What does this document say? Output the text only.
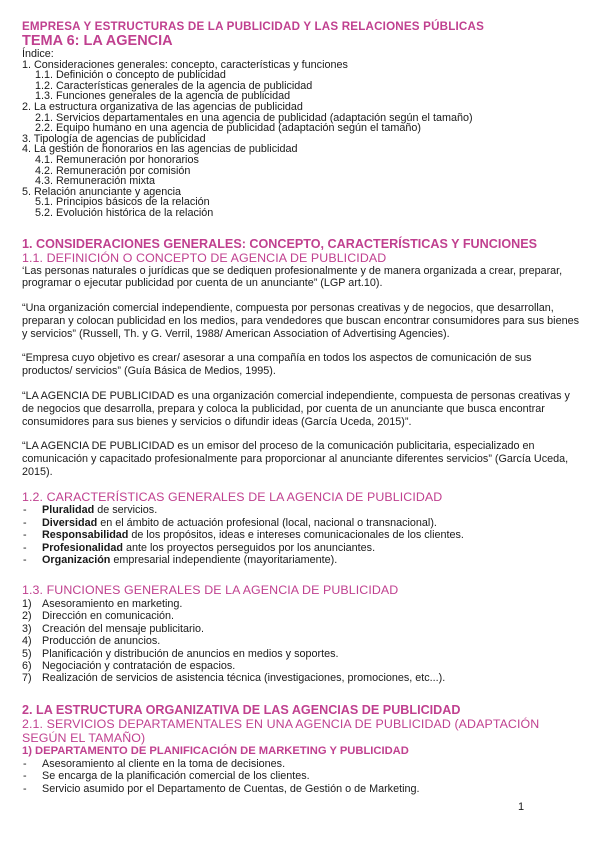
EMPRESA Y ESTRUCTURAS DE LA PUBLICIDAD Y LAS RELACIONES PÚBLICAS
TEMA 6: LA AGENCIA
Índice:
1. Consideraciones generales: concepto, características y funciones
1.1. Definición o concepto de publicidad
1.2. Características generales de la agencia de publicidad
1.3. Funciones generales de la agencia de publicidad
2. La estructura organizativa de las agencias de publicidad
2.1. Servicios departamentales en una agencia de publicidad (adaptación según el tamaño)
2.2. Equipo humano en una agencia de publicidad (adaptación según el tamaño)
3. Tipología de agencias de publicidad
4. La gestión de honorarios en las agencias de publicidad
4.1. Remuneración por honorarios
4.2. Remuneración por comisión
4.3. Remuneración mixta
5. Relación anunciante y agencia
5.1. Principios básicos de la relación
5.2. Evolución histórica de la relación
1. CONSIDERACIONES GENERALES: CONCEPTO, CARACTERÍSTICAS Y FUNCIONES
1.1. DEFINICIÓN O CONCEPTO DE AGENCIA DE PUBLICIDAD
‘Las personas naturales o jurídicas que se dediquen profesionalmente y de manera organizada a crear, preparar, programar o ejecutar publicidad por cuenta de un anunciante” (LGP art.10).
“Una organización comercial independiente, compuesta por personas creativas y de negocios, que desarrollan, preparan y colocan publicidad en los medios, para vendedores que buscan encontrar consumidores para sus bienes y servicios” (Russell, Th. y G. Verril, 1988/ American Association of Advertising Agencies).
“Empresa cuyo objetivo es crear/ asesorar a una compañía en todos los aspectos de comunicación de sus productos/ servicios” (Guía Básica de Medios, 1995).
“LA AGENCIA DE PUBLICIDAD es una organización comercial independiente, compuesta de personas creativas y de negocios que desarrolla, prepara y coloca la publicidad, por cuenta de un anunciante que busca encontrar consumidores para sus bienes y servicios o difundir ideas (García Uceda, 2015)”.
“LA AGENCIA DE PUBLICIDAD es un emisor del proceso de la comunicación publicitaria, especializado en comunicación y capacitado profesionalmente para proporcionar al anunciante diferentes servicios” (García Uceda, 2015).
1.2. CARACTERÍSTICAS GENERALES DE LA AGENCIA DE PUBLICIDAD
- Pluralidad de servicios.
- Diversidad en el ámbito de actuación profesional (local, nacional o transnacional).
- Responsabilidad de los propósitos, ideas e intereses comunicacionales de los clientes.
- Profesionalidad ante los proyectos perseguidos por los anunciantes.
- Organización empresarial independiente (mayoritariamente).
1.3. FUNCIONES GENERALES DE LA AGENCIA DE PUBLICIDAD
1) Asesoramiento en marketing.
2) Dirección en comunicación.
3) Creación del mensaje publicitario.
4) Producción de anuncios.
5) Planificación y distribución de anuncios en medios y soportes.
6) Negociación y contratación de espacios.
7) Realización de servicios de asistencia técnica (investigaciones, promociones, etc...).
2. LA ESTRUCTURA ORGANIZATIVA DE LAS AGENCIAS DE PUBLICIDAD
2.1. SERVICIOS DEPARTAMENTALES EN UNA AGENCIA DE PUBLICIDAD (ADAPTACIÓN SEGÚN EL TAMAÑO)
1) DEPARTAMENTO DE PLANIFICACIÓN DE MARKETING Y PUBLICIDAD
- Asesoramiento al cliente en la toma de decisiones.
- Se encarga de la planificación comercial de los clientes.
- Servicio asumido por el Departamento de Cuentas, de Gestión o de Marketing.
1
